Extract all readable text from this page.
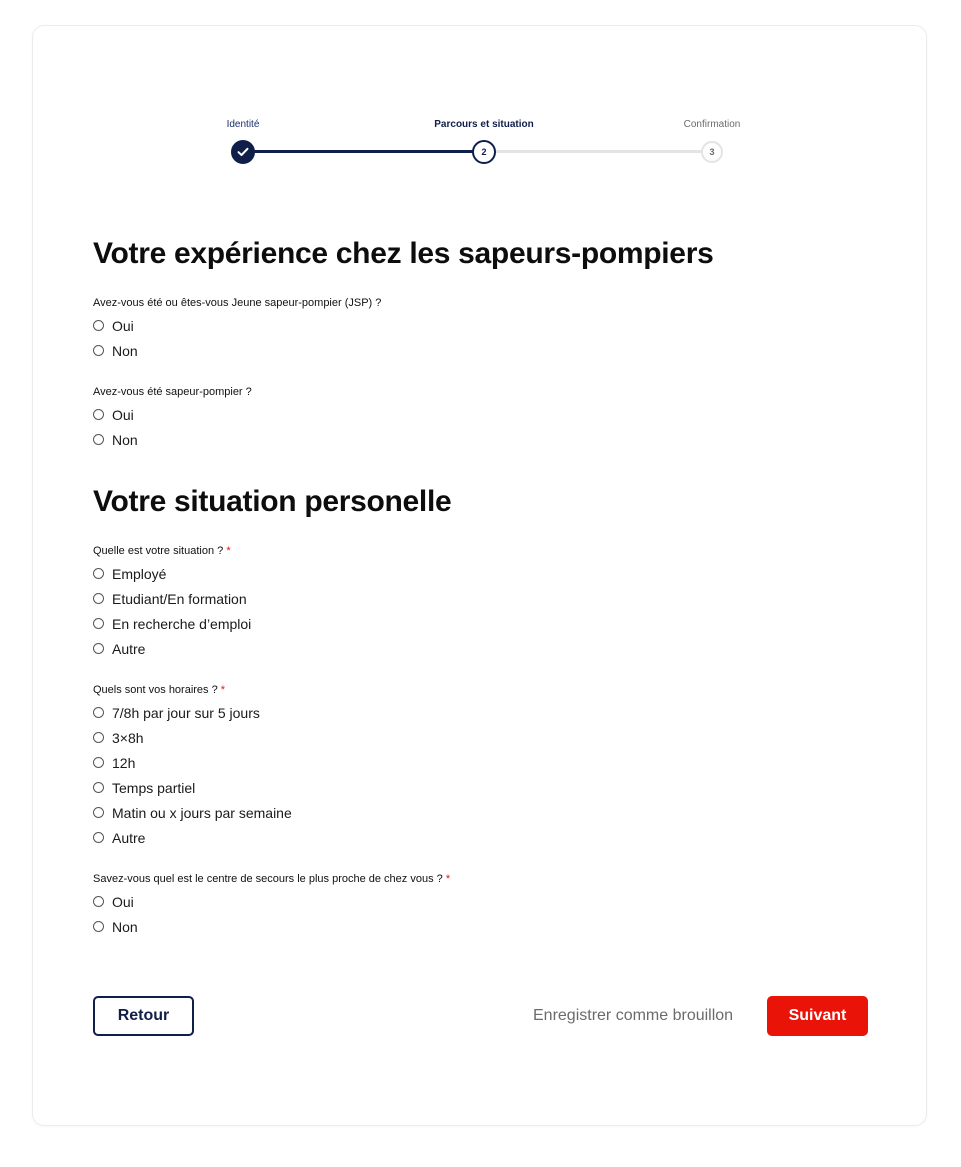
Identité	Parcours et situation	Confirmation
2	3
Votre expérience chez les sapeurs-pompiers
Avez-vous été ou êtes-vous Jeune sapeur-pompier (JSP) ?
Oui
Non
Avez-vous été sapeur-pompier ?
Oui
Non
Votre situation personelle
Quelle est votre situation ? *
Employé
Etudiant/En formation
En recherche d’emploi
Autre
Quels sont vos horaires ? *
7/8h par jour sur 5 jours
3×8h
12h
Temps partiel
Matin ou x jours par semaine
Autre
Savez-vous quel est le centre de secours le plus proche de chez vous ? *
Oui
Non
Retour	Enregistrer comme brouillon	Suivant
